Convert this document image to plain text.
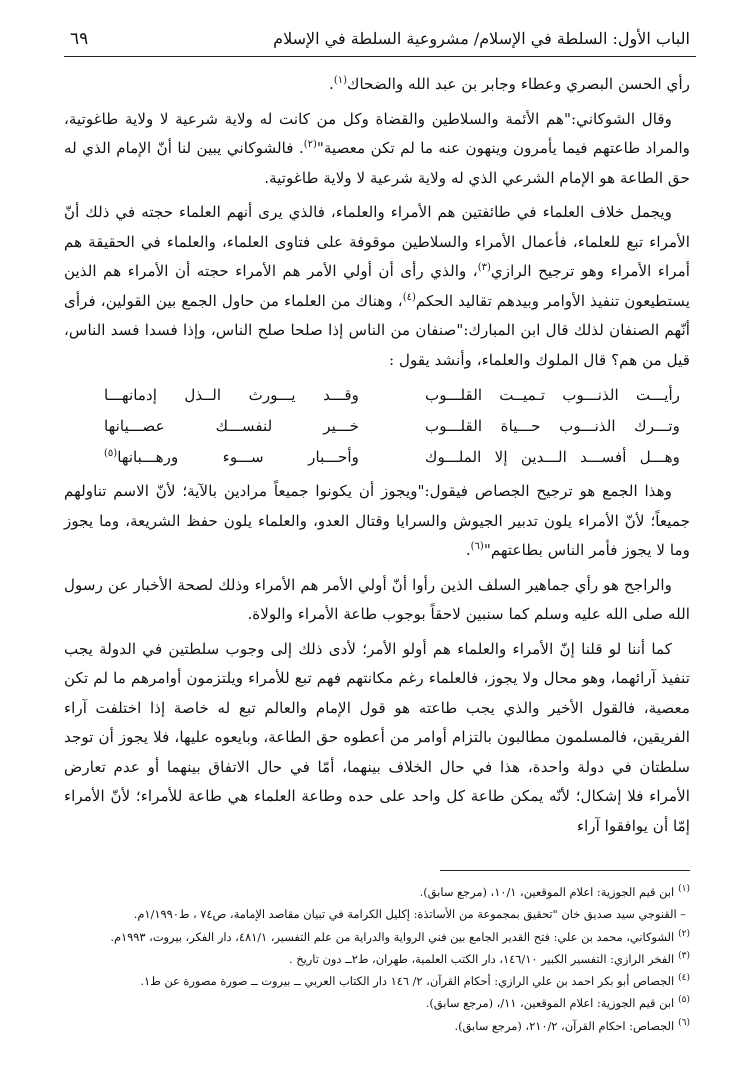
الباب الأول: السلطة في الإسلام/ مشروعية السلطة في الإسلام
٦٩

رأي الحسن البصري وعطاء وجابر بن عبد الله والضحاك$^{(١)}$.

وقال الشوكاني:"هم الأئمة والسلاطين والقضاة وكل من كانت له ولاية شرعية لا ولاية طاغوتية، والمراد طاعتهم فيما يأمرون وينهون عنه ما لم تكن معصية"$^{(٢)}$. فالشوكاني يبين لنا أنّ الإمام الذي له حق الطاعة هو الإمام الشرعي الذي له ولاية شرعية لا ولاية طاغوتية.

ويجمل خلاف العلماء في طائفتين هم الأمراء والعلماء، فالذي يرى أنهم العلماء حجته في ذلك أنّ الأمراء تبع للعلماء، فأعمال الأمراء والسلاطين موقوفة على فتاوى العلماء، والعلماء في الحقيقة هم أمراء الأمراء وهو ترجيح الرازي$^{(٣)}$، والذي رأى أن أولي الأمر هم الأمراء حجته أن الأمراء هم الذين يستطيعون تنفيذ الأوامر وبيدهم تقاليد الحكم$^{(٤)}$، وهناك من العلماء من حاول الجمع بين القولين، فرأى أنّهم الصنفان لذلك قال ابن المبارك:"صنفان من الناس إذا صلحا صلح الناس، وإذا فسدا فسد الناس، قيل من هم؟ قال الملوك والعلماء، وأنشد يقول :

رأيـــت الذنـــوب تـميــت القلـــوب
وقـــد يـــورث الــذل إدمانهـــا
وتـــرك الذنـــوب حـــياة القلـــوب
خـــير لنفســـك عصـــيانها
وهـــل أفســـد الـــدين إلا الملـــوك
وأحـــبار ســـوء ورهـــبانها$^{(٥)}$

وهذا الجمع هو ترجيح الجصاص فيقول:"ويجوز أن يكونوا جميعاً مرادين بالآية؛ لأنّ الاسم تناولهم جميعاً؛ لأنّ الأمراء يلون تدبير الجيوش والسرايا وقتال العدو، والعلماء يلون حفظ الشريعة، وما يجوز وما لا يجوز فأمر الناس بطاعتهم"$^{(٦)}$.

والراجح هو رأي جماهير السلف الذين رأوا أنّ أولي الأمر هم الأمراء وذلك لصحة الأخبار عن رسول الله صلى الله عليه وسلم كما سنبين لاحقاً بوجوب طاعة الأمراء والولاة.

كما أننا لو قلنا إنّ الأمراء والعلماء هم أولو الأمر؛ لأدى ذلك إلى وجوب سلطتين في الدولة يجب تنفيذ آرائهما، وهو محال ولا يجوز، فالعلماء رغم مكانتهم فهم تبع للأمراء ويلتزمون أوامرهم ما لم تكن معصية، فالقول الأخير والذي يجب طاعته هو قول الإمام والعالم تبع له خاصة إذا اختلفت آراء الفريقين، فالمسلمون مطالبون بالتزام أوامر من أعطوه حق الطاعة، وبايعوه عليها، فلا يجوز أن توجد سلطتان في دولة واحدة، هذا في حال الخلاف بينهما، أمّا في حال الاتفاق بينهما أو عدم تعارض الأمراء فلا إشكال؛ لأنّه يمكن طاعة كل واحد على حده وطاعة العلماء هي طاعة للأمراء؛ لأنّ الأمراء إمّا أن يوافقوا آراء

$^{(١)}$ابن قيم الجوزية: اعلام الموقعين، ١٠/١، (مرجع سابق).

– القنوجي سيد صديق خان "تحقيق بمجموعة من الأساتذة: إكليل الكرامة في تبيان مقاصد الإمامة، ص٧٤ ، ط١/١٩٩٠م.

$^{(٢)}$الشوكاني، محمد بن علي: فتح القدير الجامع بين فني الرواية والدراية من علم التفسير، ٤٨١/١، دار الفكر، بيروت، ١٩٩٣م.

$^{(٣)}$الفخر الرازي: التفسير الكبير ١٤٦/١٠، دار الكتب العلمية، طهران، ط٢ــ دون تاريخ .

$^{(٤)}$الجصاص أبو بكر احمد بن علي الرازي: أحكام القرآن، ٢/ ١٤٦ دار الكتاب العربي ــ بيروت ــ صورة مصورة عن ط١.

$^{(٥)}$ابن قيم الجوزية: اعلام الموقعين، ١١/، (مرجع سابق).

$^{(٦)}$الجصاص: احكام القرآن، ٢١٠/٢، (مرجع سابق).
